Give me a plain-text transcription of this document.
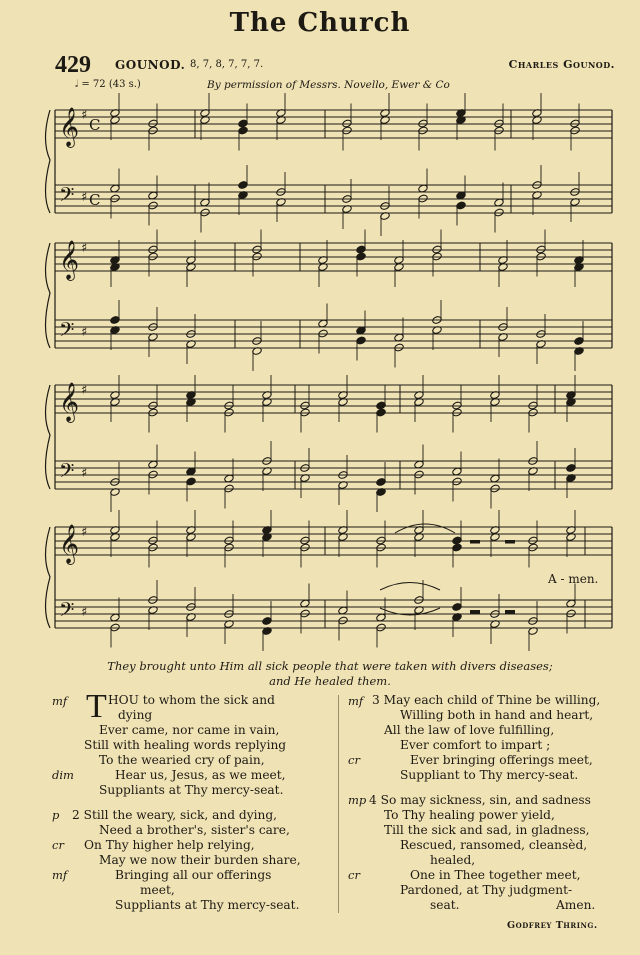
The Church
429 GOUNOD. 8, 7, 8, 7, 7, 7.	Charles Gounod.
𝅗𝅥 = 72 (43 s.)	By permission of Messrs. Novello, Ewer & Co
𝄞
𝄢
♯
♯
C
C
𝄞
𝄢
♯
♯
𝄞
𝄢
♯
♯
𝄞
𝄢
♯
♯
A - men.
They brought unto Him all sick people that were taken with divers diseases;
and He healed them.
mf T HOU to whom the sick and
dying
Ever came, nor came in vain,
Still with healing words replying
To the wearied cry of pain,
dim	Hear us, Jesus, as we meet,
Suppliants at Thy mercy-seat.
p 2 Still the weary, sick, and dying,
Need a brother's, sister's care,
cr On Thy higher help relying,
May we now their burden share,
mf	Bringing all our offerings
meet,
Suppliants at Thy mercy-seat.
mf 3 May each child of Thine be willing,
Willing both in hand and heart,
All the law of love fulfilling,
Ever comfort to impart ;
cr	Ever bringing offerings meet,
Suppliant to Thy mercy-seat.
mp 4 So may sickness, sin, and sadness
To Thy healing power yield,
Till the sick and sad, in gladness,
Rescued, ransomed, cleansèd,
healed,
cr	One in Thee together meet,
Pardoned, at Thy judgment-
seat.	Amen.
Godfrey Thring.
